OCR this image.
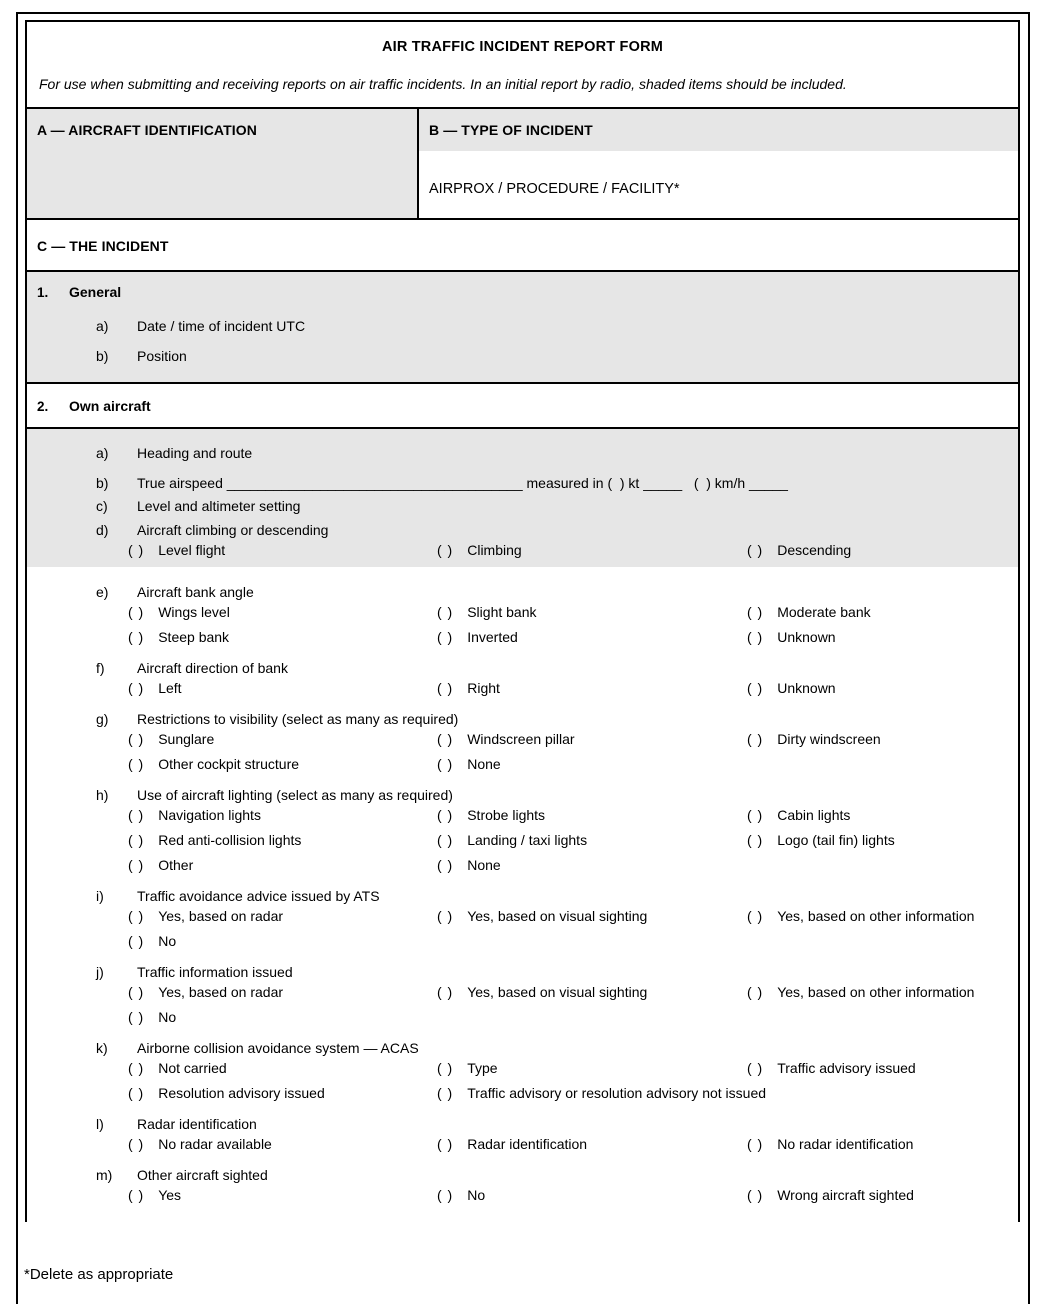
AIR TRAFFIC INCIDENT REPORT FORM
For use when submitting and receiving reports on air traffic incidents. In an initial report by radio, shaded items should be included.
A — AIRCRAFT IDENTIFICATION	B — TYPE OF INCIDENT
AIRPROX / PROCEDURE / FACILITY*
C — THE INCIDENT
1.	General
a)	Date / time of incident UTC
b)	Position
2.	Own aircraft
a)	Heading and route
b)	True airspeed ______________________________________ measured in (  ) kt _____   (  ) km/h _____
c)	Level and altimeter setting
d)	Aircraft climbing or descending
( ) Level flight	( ) Climbing	( ) Descending
e)	Aircraft bank angle
( ) Wings level	( ) Slight bank	( ) Moderate bank
( ) Steep bank	( ) Inverted	( ) Unknown
f)	Aircraft direction of bank
( ) Left	( ) Right	( ) Unknown
g)	Restrictions to visibility (select as many as required)
( ) Sunglare	( ) Windscreen pillar	( ) Dirty windscreen
( ) Other cockpit structure	( ) None
h)	Use of aircraft lighting (select as many as required)
( ) Navigation lights	( ) Strobe lights	( ) Cabin lights
( ) Red anti-collision lights	( ) Landing / taxi lights	( ) Logo (tail fin) lights
( ) Other	( ) None
i)	Traffic avoidance advice issued by ATS
( ) Yes, based on radar	( ) Yes, based on visual sighting	( ) Yes, based on other information
( ) No
j)	Traffic information issued
( ) Yes, based on radar	( ) Yes, based on visual sighting	( ) Yes, based on other information
( ) No
k)	Airborne collision avoidance system — ACAS
( ) Not carried	( ) Type	( ) Traffic advisory issued
( ) Resolution advisory issued	( ) Traffic advisory or resolution advisory not issued
l)	Radar identification
( ) No radar available	( ) Radar identification	( ) No radar identification
m)	Other aircraft sighted
( ) Yes	( ) No	( ) Wrong aircraft sighted
*Delete as appropriate
